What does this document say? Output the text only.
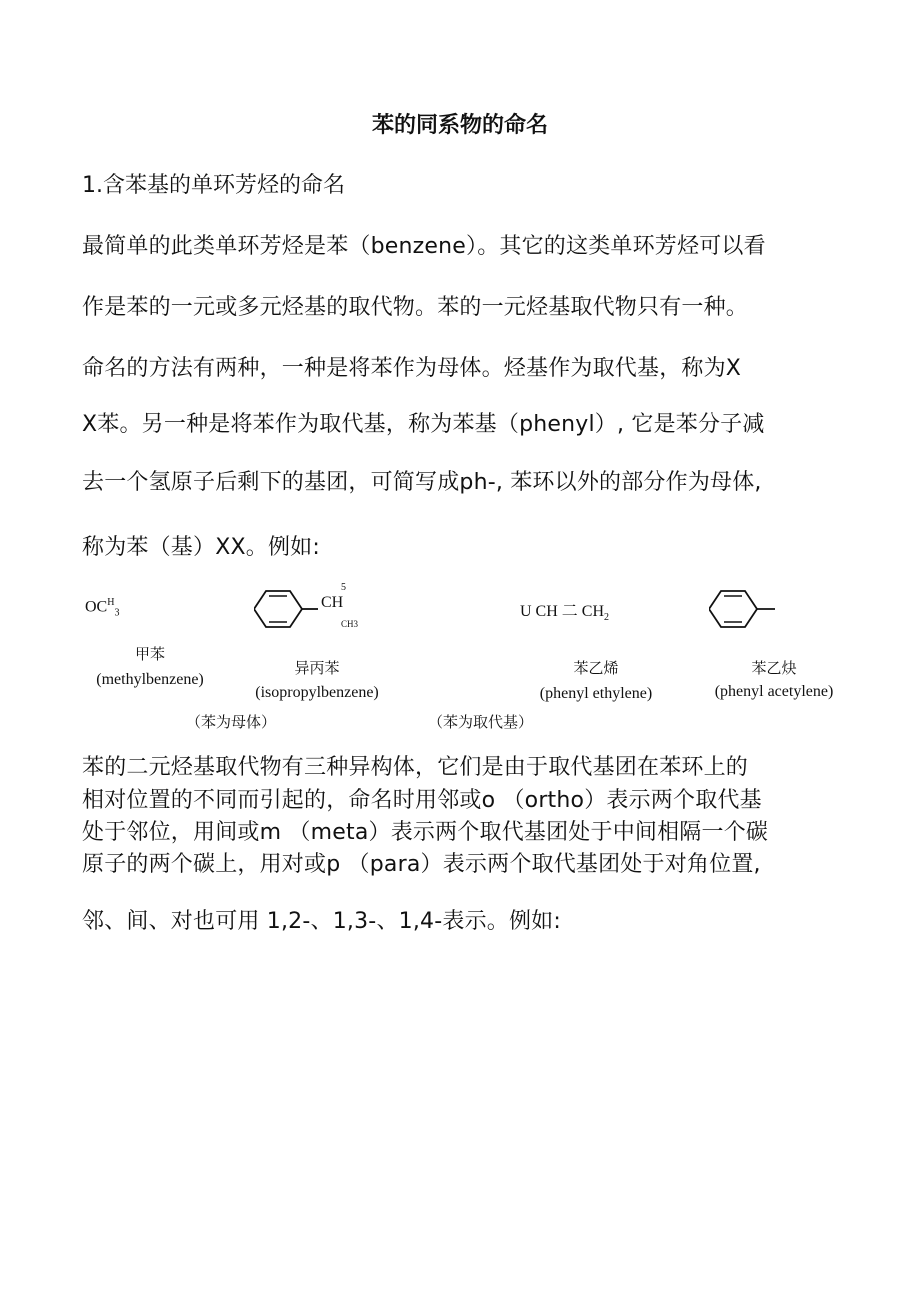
苯的同系物的命名
1.含苯基的单环芳烃的命名
最简单的此类单环芳烃是苯（benzene）。其它的这类单环芳烃可以看
作是苯的一元或多元烃基的取代物。苯的一元烃基取代物只有一种。
命名的方法有两种，一种是将苯作为母体。烃基作为取代基，称为X
X苯。另一种是将苯作为取代基，称为苯基（phenyl）, 它是苯分子减
去一个氢原子后剩下的基团，可简写成ph-, 苯环以外的部分作为母体,
称为苯（基）XX。例如:
$OC^H_3$
甲苯
(methylbenzene)
5
CH
CH3
异丙苯
(isopropylbenzene)
U CH 二 $CH_2$
苯乙烯
(phenyl ethylene)
苯乙炔
(phenyl acetylene)
（苯为母体）	（苯为取代基）
苯的二元烃基取代物有三种异构体，它们是由于取代基团在苯环上的
相对位置的不同而引起的，命名时用邻或o （ortho）表示两个取代基
处于邻位，用间或m （meta）表示两个取代基团处于中间相隔一个碳
原子的两个碳上，用对或p （para）表示两个取代基团处于对角位置,
邻、间、对也可用 1,2-、1,3-、1,4-表示。例如:
